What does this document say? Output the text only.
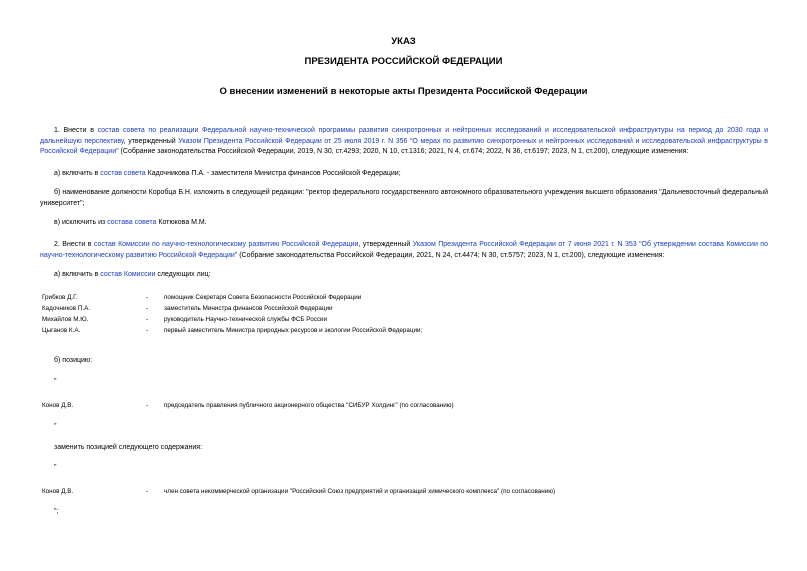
УКАЗ
ПРЕЗИДЕНТА РОССИЙСКОЙ ФЕДЕРАЦИИ
О внесении изменений в некоторые акты Президента Российской Федерации
1. Внести в состав совета по реализации Федеральной научно-технической программы развития синхротронных и нейтронных исследований и исследовательской инфраструктуры на период до 2030 года и дальнейшую перспективу, утвержденный Указом Президента Российской Федерации от 25 июля 2019 г. N 356 "О мерах по развитию синхротронных и нейтронных исследований и исследовательской инфраструктуры в Российской Федерации" (Собрание законодательства Российской Федерации, 2019, N 30, ст.4293; 2020, N 10, ст.1316; 2021, N 4, ст.674; 2022, N 36, ст.6197; 2023, N 1, ст.200), следующие изменения:
а) включить в состав совета Кадочникова П.А. - заместителя Министра финансов Российской Федерации;
б) наименование должности Коробца Б.Н. изложить в следующей редакции: "ректор федерального государственного автономного образовательного учреждения высшего образования "Дальневосточный федеральный университет";
в) исключить из состава совета Котюкова М.М.
2. Внести в состав Комиссии по научно-технологическому развитию Российской Федерации, утвержденный Указом Президента Российской Федерации от 7 июня 2021 г. N 353 "Об утверждении состава Комиссии по научно-технологическому развитию Российской Федерации" (Собрание законодательства Российской Федерации, 2021, N 24, ст.4474; N 30, ст.5757; 2023, N 1, ст.200), следующие изменения:
а) включить в состав Комиссии следующих лиц:
Грибков Д.Г.	-	помощник Секретаря Совета Безопасности Российской Федерации
Кадочников П.А.	-	заместитель Министра финансов Российской Федерации
Михайлов М.Ю.	-	руководитель Научно-технической службы ФСБ России
Цыганов К.А.	-	первый заместитель Министра природных ресурсов и экологии Российской Федерации;
б) позицию:
"
Конов Д.В.	-	председатель правления публичного акционерного общества "СИБУР Холдинг" (по согласованию)
"
заменить позицией следующего содержания:
"
Конов Д.В.	-	член совета некоммерческой организации "Российский Союз предприятий и организаций химического комплекса" (по согласованию)
";
